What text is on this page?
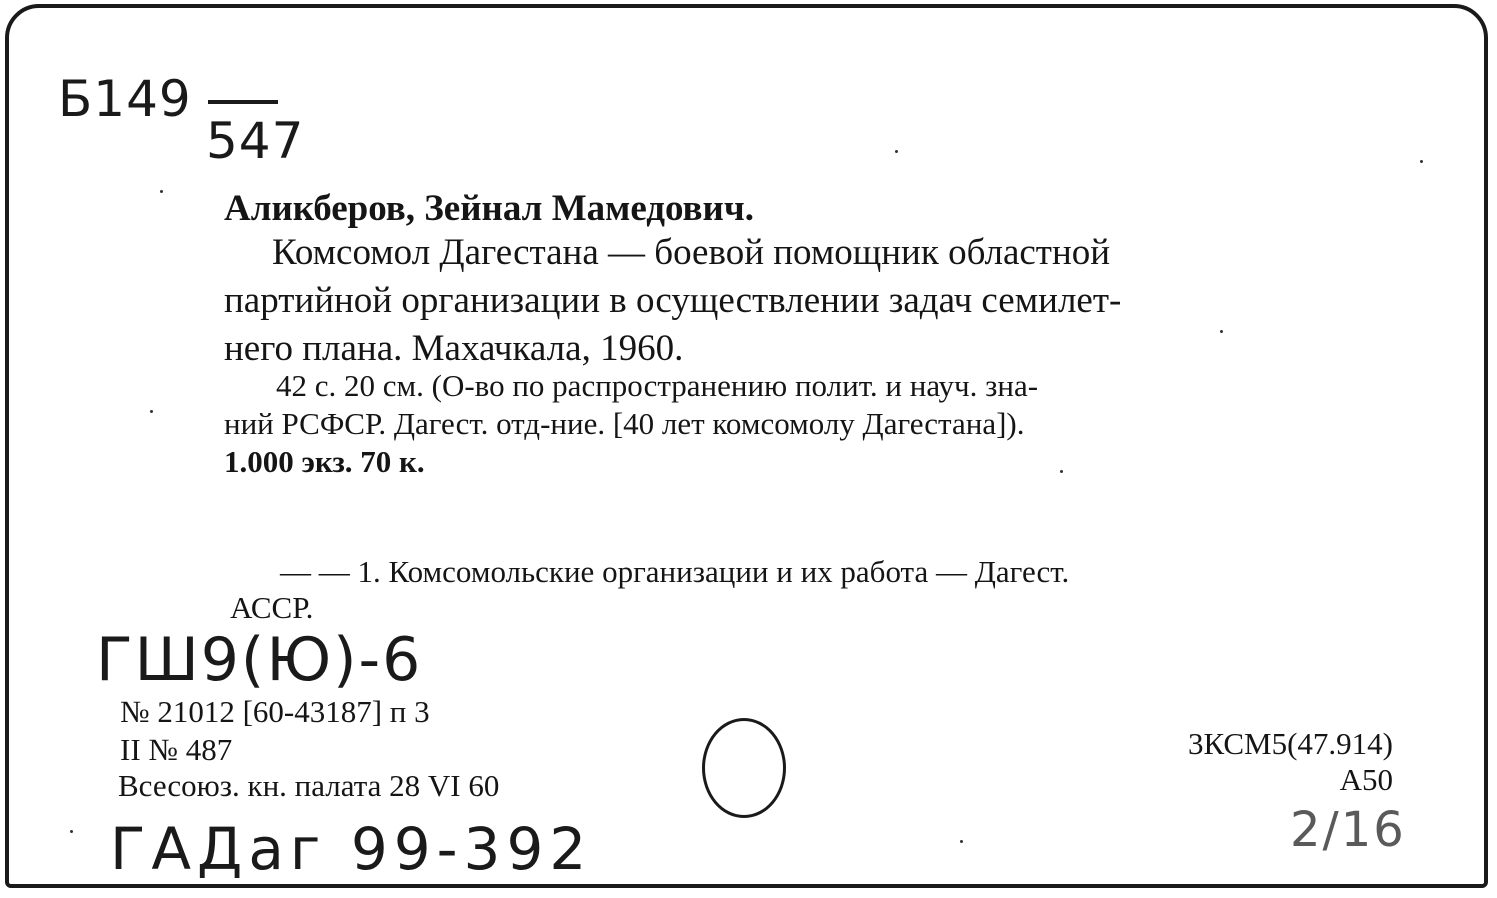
Б149
547
Аликберов, Зейнал Мамедович.
Комсомол Дагестана — боевой помощник областной
партийной организации в осуществлении задач семилет-
него плана. Махачкала, 1960.
42 с. 20 см. (О-во по распространению полит. и науч. зна-
ний РСФСР. Дагест. отд-ние. [40 лет комсомолу Дагестана]).
1.000 экз. 70 к.
— — 1. Комсомольские организации и их работа — Дагест.
АССР.
ГШ9(Ю)-6
№ 21012 [60-43187] п 3
II № 487
Всесоюз. кн. палата 28 VI 60
3КСМ5(47.914)
А50
ГАДаг 99-392	2/16
